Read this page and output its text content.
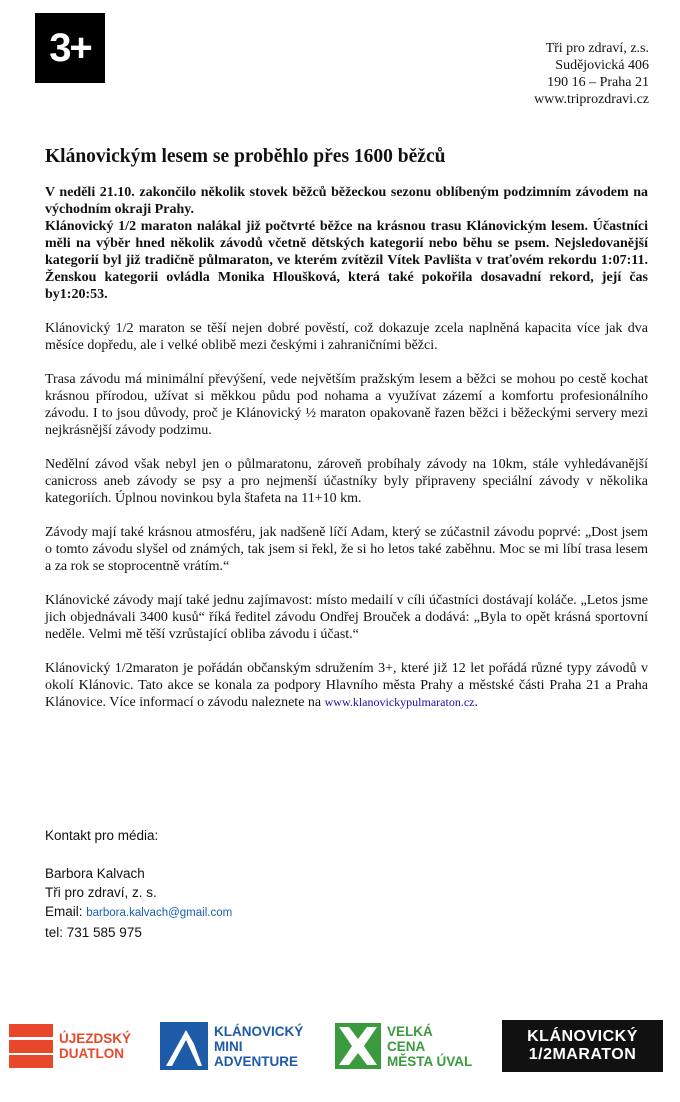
3+	Tři pro zdraví, z.s.
Sudějovická 406
190 16 – Praha 21
www.triprozdravi.cz
Klánovickým lesem se proběhlo přes 1600 běžců

V neděli 21.10. zakončilo několik stovek běžců běžeckou sezonu oblíbeným podzimním závodem na východním okraji Prahy.

Klánovický 1/2 maraton nalákal již počtvrté běžce na krásnou trasu Klánovickým lesem. Účastníci měli na výběr hned několik závodů včetně dětských kategorií nebo běhu se psem. Nejsledovanější kategorií byl již tradičně půlmaraton, ve kterém zvítězil Vítek Pavlišta v traťovém rekordu 1:07:11. Ženskou kategorii ovládla Monika Hloušková, která také pokořila dosavadní rekord, její čas by1:20:53.

Klánovický 1/2 maraton se těší nejen dobré pověstí, což dokazuje zcela naplněná kapacita více jak dva měsíce dopředu, ale i velké oblibě mezi českými i zahraničními běžci.

Trasa závodu má minimální převýšení, vede největším pražským lesem a běžci se mohou po cestě kochat krásnou přírodou, užívat si měkkou půdu pod nohama a využívat zázemí a komfortu profesionálního závodu. I to jsou důvody, proč je Klánovický ½ maraton opakovaně řazen běžci i běžeckými servery mezi nejkrásnější závody podzimu.

Nedělní závod však nebyl jen o půlmaratonu, zároveň probíhaly závody na 10km, stále vyhledávanější canicross aneb závody se psy a pro nejmenší účastníky byly připraveny speciální závody v několika kategoriích. Úplnou novinkou byla štafeta na 11+10 km.

Závody mají také krásnou atmosféru, jak nadšeně líčí Adam, který se zúčastnil závodu poprvé: „Dost jsem o tomto závodu slyšel od známých, tak jsem si řekl, že si ho letos také zaběhnu. Moc se mi líbí trasa lesem a za rok se stoprocentně vrátím.“

Klánovické závody mají také jednu zajímavost: místo medailí v cíli účastníci dostávají koláče. „Letos jsme jich objednávali 3400 kusů“ říká ředitel závodu Ondřej Brouček a dodává: „Byla to opět krásná sportovní neděle. Velmi mě těší vzrůstající obliba závodu i účast.“

Klánovický 1/2maraton je pořádán občanským sdružením 3+, které již 12 let pořádá různé typy závodů v okolí Klánovic. Tato akce se konala za podpory Hlavního města Prahy a městské části Praha 21 a Praha Klánovice. Více informací o závodu naleznete na www.klanovickypulmaraton.cz.

Kontakt pro média:

Barbora Kalvach

Tři pro zdraví, z. s.

Email: barbora.kalvach@gmail.com

tel: 731 585 975

ÚJEZDSKÝ
DUATLON
KLÁNOVICKÝ
MINI
ADVENTURE
VELKÁ
CENA
MĚSTA ÚVAL
KLÁNOVICKÝ
1/2MARATON
